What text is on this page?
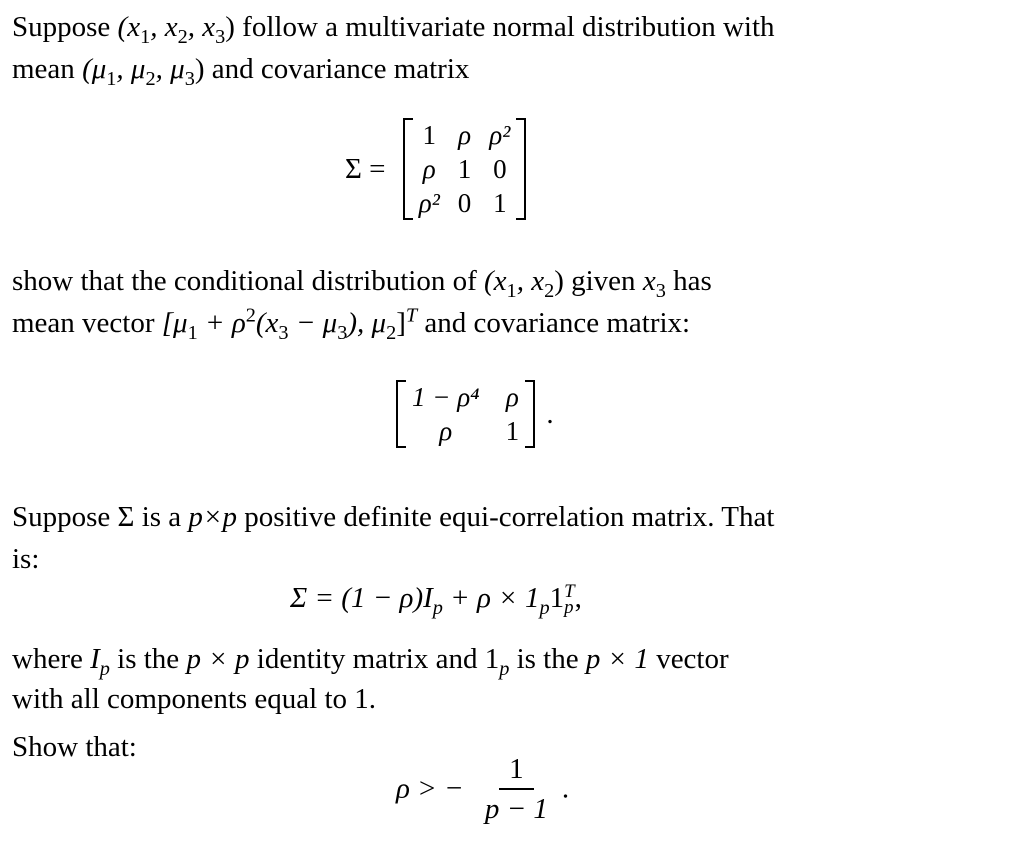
Suppose ($x_1$, $x_2$, $x_3$) follow a multivariate normal distribution with
mean ($\mu_1$, $\mu_2$, $\mu_3$) and covariance matrix
Σ =
1 ρ ρ²
ρ 1 0
ρ² 0 1
show that the conditional distribution of ($x_1$, $x_2$) given $x_3$ has
mean vector [$\mu_1 + \rho^2(x_3 - \mu_3)$, $\mu_2]^T$ and covariance matrix:
1 − ρ⁴ ρ
ρ	1
.
Suppose Σ is a p×p positive definite equi-correlation matrix. That
is:
$\Sigma = (1 - \rho)I_p + \rho \times 1_p1$ T
p ,
where $I_p$ is the p × p identity matrix and $1_p$ is the p × 1 vector
with all components equal to 1.
Show that:
ρ > − $\frac{1}{p - 1}$ .
